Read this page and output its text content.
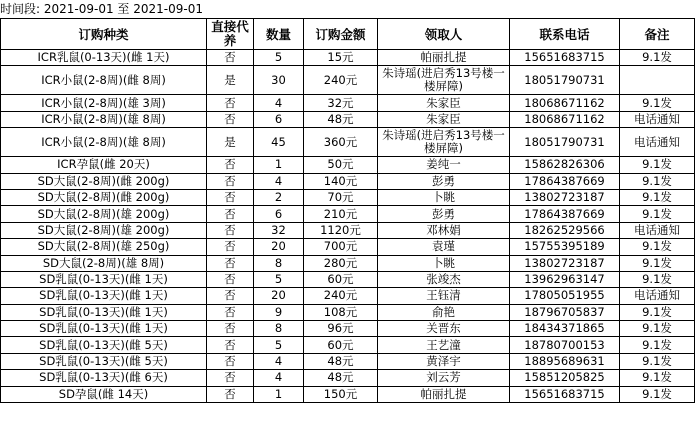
时间段: 2021-09-01 至 2021-09-01
订购种类	直接代养	数量	订购金额	领取人	联系电话	备注
ICR乳鼠(0-13天)(雌 1天)	否	5	15元	帕丽扎提	15651683715	9.1发
ICR小鼠(2-8周)(雌 8周)	是	30	240元	朱诗瑶(进启秀13号楼一楼屏障)	18051790731	
ICR小鼠(2-8周)(雄 3周)	否	4	32元	朱家臣	18068671162	9.1发
ICR小鼠(2-8周)(雄 8周)	否	6	48元	朱家臣	18068671162	电话通知
ICR小鼠(2-8周)(雄 8周)	是	45	360元	朱诗瑶(进启秀13号楼一楼屏障)	18051790731	电话通知
ICR孕鼠(雌 20天)	否	1	50元	姜纯一	15862826306	9.1发
SD大鼠(2-8周)(雌 200g)	否	4	140元	彭勇	17864387669	9.1发
SD大鼠(2-8周)(雌 200g)	否	2	70元	卜眺	13802723187	9.1发
SD大鼠(2-8周)(雄 200g)	否	6	210元	彭勇	17864387669	9.1发
SD大鼠(2-8周)(雄 200g)	否	32	1120元	邓林娟	18262529566	电话通知
SD大鼠(2-8周)(雄 250g)	否	20	700元	袁瑾	15755395189	9.1发
SD大鼠(2-8周)(雄 8周)	否	8	280元	卜眺	13802723187	9.1发
SD乳鼠(0-13天)(雌 1天)	否	5	60元	张竣杰	13962963147	9.1发
SD乳鼠(0-13天)(雌 1天)	否	20	240元	王钰清	17805051955	电话通知
SD乳鼠(0-13天)(雌 1天)	否	9	108元	俞艳	18796705837	9.1发
SD乳鼠(0-13天)(雌 1天)	否	8	96元	关晋东	18434371865	9.1发
SD乳鼠(0-13天)(雌 5天)	否	5	60元	王艺潼	18780700153	9.1发
SD乳鼠(0-13天)(雌 5天)	否	4	48元	黄泽宇	18895689631	9.1发
SD乳鼠(0-13天)(雌 6天)	否	4	48元	刘云芳	15851205825	9.1发
SD孕鼠(雌 14天)	否	1	150元	帕丽扎提	15651683715	9.1发
